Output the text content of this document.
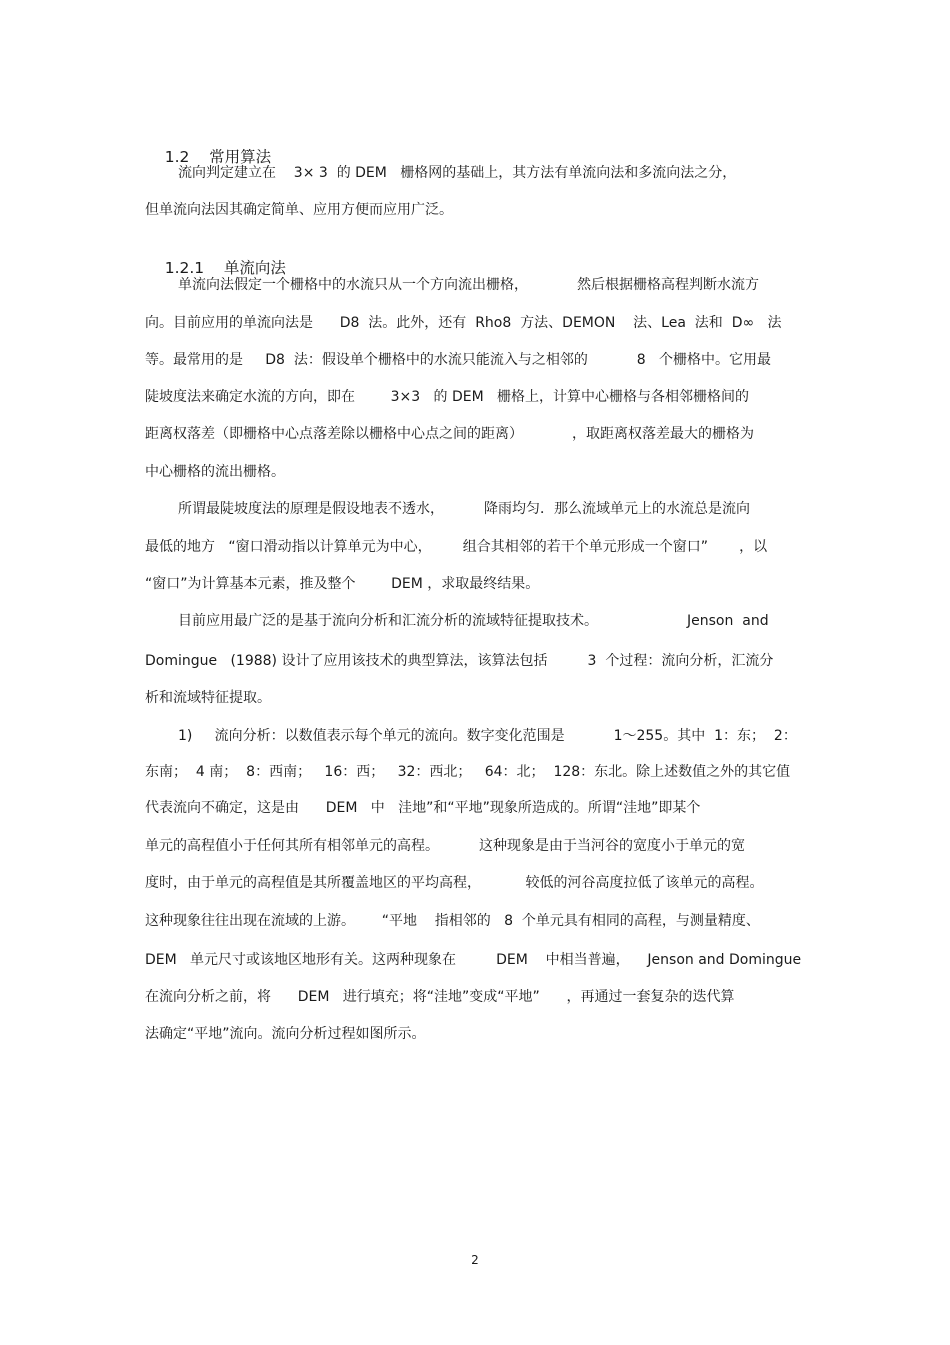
1.2 常用算法

流向判定建立在    3× 3  的 DEM   栅格网的基础上，其方法有单流向法和多流向法之分，
但单流向法因其确定简单、应用方便而应用广泛。

1.2.1 单流向法

单流向法假定一个栅格中的水流只从一个方向流出栅格，           然后根据栅格高程判断水流方
向。目前应用的单流向法是      D8  法。此外，还有  Rho8  方法、DEMON    法、Lea  法和  D∞   法
等。最常用的是     D8  法：假设单个栅格中的水流只能流入与之相邻的           8   个栅格中。它用最
陡坡度法来确定水流的方向，即在        3×3   的 DEM   栅格上，计算中心栅格与各相邻栅格间的
距离权落差（即栅格中心点落差除以栅格中心点之间的距离）           ，取距离权落差最大的栅格为
中心栅格的流出栅格。
所谓最陡坡度法的原理是假设地表不透水，         降雨均匀．那么流域单元上的水流总是流向
最低的地方   “窗口滑动指以计算单元为中心，       组合其相邻的若干个单元形成一个窗口”       ，以
“窗口”为计算基本元素，推及整个        DEM ，求取最终结果。
目前应用最广泛的是基于流向分析和汇流分析的流域特征提取技术。                    Jenson  and
Domingue   (1988) 设计了应用该技术的典型算法，该算法包括         3  个过程：流向分析，汇流分
析和流域特征提取。
1)     流向分析：以数值表示每个单元的流向。数字变化范围是           1～255。其中  1：东；  2：
东南；  4 南；  8：西南；   16：西；   32：西北；   64：北；  128：东北。除上述数值之外的其它值
代表流向不确定，这是由      DEM   中   洼地”和“平地”现象所造成的。所谓“洼地”即某个
单元的高程值小于任何其所有相邻单元的高程。         这种现象是由于当河谷的宽度小于单元的宽
度时，由于单元的高程值是其所覆盖地区的平均高程，          较低的河谷高度拉低了该单元的高程。
这种现象往往出现在流域的上游。      “平地    指相邻的   8  个单元具有相同的高程，与测量精度、
DEM   单元尺寸或该地区地形有关。这两种现象在         DEM    中相当普遍，    Jenson and Domingue
在流向分析之前，将      DEM   进行填充；将“洼地”变成“平地”      ，再通过一套复杂的迭代算
法确定“平地”流向。流向分析过程如图所示。
2
